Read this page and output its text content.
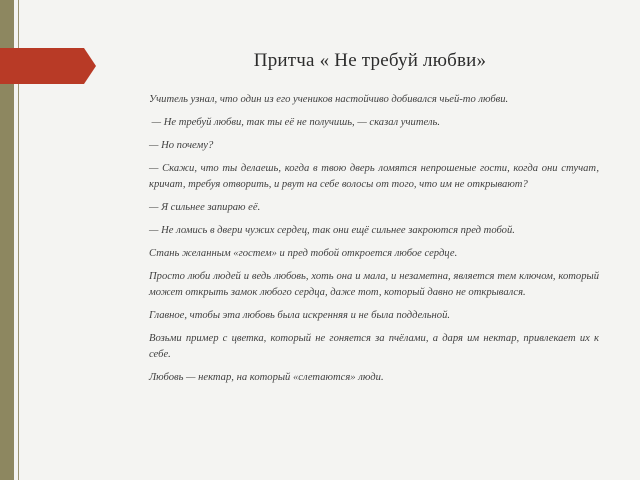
Притча « Не требуй любви»

Учитель узнал, что один из его учеников настойчиво добивался чьей-то любви.

— Не требуй любви, так ты её не получишь, — сказал учитель.

— Но почему?

— Скажи, что ты делаешь, когда в твою дверь ломятся непрошеные гости, когда они стучат, кричат, требуя отворить, и рвут на себе волосы от того, что им не открывают?

— Я сильнее запираю её.

— Не ломись в двери чужих сердец, так они ещё сильнее закроются пред тобой.

Стань желанным «гостем» и пред тобой откроется любое сердце.

Просто люби людей и ведь любовь, хоть она и мала, и незаметна, является тем ключом, который может открыть замок любого сердца, даже тот, который давно не открывался.

Главное, чтобы эта любовь была искренняя и не была поддельной.

Возьми пример с цветка, который не гоняется за пчёлами, а даря им нектар, привлекает их к себе.

Любовь — нектар, на который «слетаются» люди.
